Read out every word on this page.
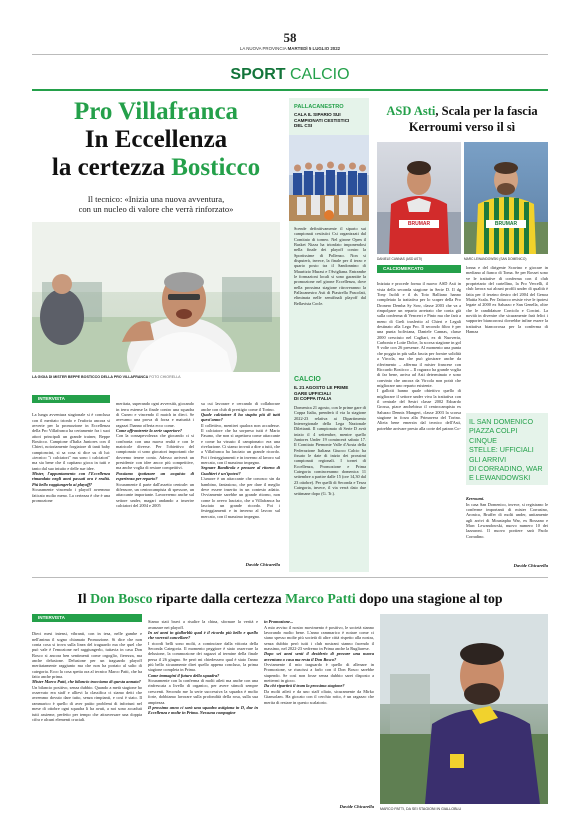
58
LA NUOVA PROVINCIA MARTEDÌ 5 LUGLIO 2022
SPORT CALCIO
Pro Villafranca
In Eccellenza
la certezza Bosticco
Il tecnico: «Inizia una nuova avventura,
con un nucleo di valore che verrà rinforzato»
LA GIOIA DI MISTER BEPPE BOSTICCO DELLA PRO VILLAFRANCA FOTO CHIORELLA
INTERVISTA

La lunga avventura stagionale si è conclusa con il meritato trionfo e l'euforia ancora si avverte per la promozione in Eccellenza della Pro Villafranca ha certamente fra i suoi attori principali un grande trainer, Beppe Bosticco. Campione d'Italia Juniores con il Chieri, notoriamente forgiatore di tanti baby campioncini, si sa cosa si dice su di lui: «tecnico "i calciatori" ma sono i calciatori" ma sia bene che il capitano gioca in tutti e tanto dal suo intuito e delle sue idee.
Mister, l'appuntamento con l'Eccellenza rimandato negli anni passati ora è realtà. Più bello raggiungerlo ai playoff?
Sicuramente vincendo i playoff avremmo faticato molto meno. La certezza è che è una promozione

meritata, superando ogni avversità, giocando in terra estense la finale contro una squadra di Cuneo e vincendo il match in dieci. Se avevamo una prova di forza e maturità i ragazzi l'hanno offerta ecco come.
Come affronterete la serie superiore?
Con la consapevolezza che giocando ci si confronta con una nuova realtà e con le matricole diverse. Per l'obiettivo del campionato ci sono giocatori importanti che dovremo tenere conto. Adesso arriverà un presidente con idee ancor più competitive, ma anche voglia di restare competitivi.
Possiamo ipotizzare un acquisto di esperienza per reparto?
Sicuramente il parte dall'assetto centrale: un difensore, un centrocampista di spessore, un attaccante importante. Lavoreremo anche sul settore under, magari andando a inserire calciatori del 2004 e 2005

su cui lavorare e cercando di collaborare anche con club di prestigio come il Torino.
Quale calciatore il ha stupito più di tutti quest'anno?
Il collettivo, mentirei qualora non accadesse. Il calciatore che ha sorpreso tutti è Mario Fasano, che non si aspettava come attaccante e come ha vissuto il campionato: era una rivelazione. Ci siamo trovati a dire a tutti, che a Villafranca ha lasciato un grande ricordo. Poi i festeggiamenti e in inverno al lavoro sul mercato, con il massimo impegno.
Segnare Bandirola e pensare al ritorno di Gualtieri è un'ipotesi?
L'umore è un attaccante che conosco sin da bambino, fantasioso, che per dare il meglio deve essere inserito in un contesto adatto. Ovviamente sarebbe un grande ritorno, non come lo avevo lasciato, che a Villafranca ha lasciato un grande ricordo. Poi i festeggiamenti e in inverno al lavoro sul mercato, con il massimo impegno.

Davide Chicarella
PALLACANESTRO
CALA IL SIPARIO SUI
CAMPIONATI CESTISTICI
DEL CSI
Scende definitivamente il sipario sui campionati cestistici Csi organizzati dal Comitato di torneo. Nel girone Open il Basket Nizza ha trionfato imponendosi nella finale dei playoff contro la Sportissime di Pollenzo. Non si disputerà, invece, la finale per il terzo e quarto posto tra il Sandonnino di Mauritzio Murasi e l'Avigliana. Entrambe le formazioni locali si sono garantite la promozione nel girone Eccellenza, dove nella prossima stagione ritroveranno la Pallacanestro Asti di Piastrella Pascolati, eliminata nelle semifinali playoff dal Bellavista Cocle.
CALCIO
IL 21 AGOSTO LE PRIME
GARE UFFICIALI
DI COPPA ITALIA
Domenica 21 agosto, con le prime gare di Coppa Italia, prenderà il via la stagione 2022-23 relativa ai Dipartimento Interregionale della Lega Nazionale Dilettanti. Il campionato di Serie D avrà inizio il 4 settembre, mentre quello Juniores Under 19 comincerà sabato 17. Il Comitato Piemonte Valle d'Aosta della Federazione Italiana Giuoco Calcio ha fissato le date di inizio dei prossimi campionati regionali. I tornei di Eccellenza, Promozione e Prima Categoria cominceranno domenica 11 settembre a partire dalle 15 (ore 14,30 dal 23 ottobre). Per quelli di Seconda e Terza Categoria, invece, il via verrà dato due settimane dopo (G. Tr.).
ASD Asti, Scala per la fascia
Kerroumi verso il sì
BRUMAR	BRUMAR
DANIELE CANNAS (ASD ASTI)	MARC LEWANDOWSKI (SAN DOMENICO)
CALCIOMERCATO

Iniziata e procede forma il nuovo ASD Asti in vista della seconda stagione in Serie D. Il dg Tony Isoldi e il ds Toto Balliano hanno completato la trattativa per lo scaper della Pro Dronero Demba Sy Sow, classe 2003 che va a rimpolpare un reparto arretrato che conta già sulla conferma di Vencerri e Pinto ma che farà a meno di Greli trasferito al Chieri e Legali destinato alla Lega Pro. Il secondo filtro è per una punta boliviana, Daniele Cannas, classe 2000 cresciuto nel Cagliari, ex di Nuoveria, Carbonia e Lotte Dolce, la scorsa stagione in gol 9 volte con 26 presenze. Al momento una punta che poggia in più sulla fascia per fornire solidità a Vircola, ma che può giostrare anche da riferimento – afferma il mister francese con Riccardo Bosticco – Il ragazzo ha grande voglia di far bene, arriva ad Asti determinato e sono convinto che ancora da Vircola non potrà che migliorare uno reparto esistente.
I gallotti hanno quale obiettivo quello di migliorare il settore under viva la trattativa con il centrale del Sestri classe 2002 Edoardo Grossa, piace anchebisso il centrocampista ex Saluzzo Dennis Mangeri, classe 2003 la scorsa stagione in forza alla Primavera del Torino. Alieia bene emersin dal tecnico dell'Asti, potrebbe arrivare presto alla corte del patron Co-

lonna e del dirigente Scavino e giocare in mediano al fianco di Toma. Se per Rosset sono ve le trattative di conferma con il club proprietario del cartellino, la Pro Vercelli, il club lavora sui alcuni profili under di qualità è fatta per il terzino destro del 2004 del Genoa Mattia Scala. Per l'attacco resiste vive le ipotesi legate al 2000 ex Saluzzo e San Genella, oltre che le candidature Corciolo e Corcini. La novità in divenire che sicuramente farà felici i supporter biancorossi dovrebbe infine essere la trattativa biancorossa per la conferma di Hamza
IL SAN DOMENICO
PIAZZA COLPI CINQUE
STELLE: UFFICIALI
GLI ARRIVI
DI CORRADINO, WAR
E LEWANDOWSKI

Kerroumi.
In casa San Domenico, invece, si registrano le conferme importanti di mister Corrasino, Aronica, Bruffer di molti under, unitamente agli arrivi di Moustapha War, ex Bossano e Marc Lewandowski, nuovo numero 10 dei lazzaroni. Il nuovo portiere sarà Paolo Corradino.

Davide Chicarella
Il Don Bosco riparte dalla certezza Marco Patti dopo una stagione al top
INTERVISTA

Dieci mesi intensi, vibranti, con in tesa, nelle gambe e nell'anima il sogno chiamato Promozione. Si dice che non conta cosa si trova sulla linea del traguardo ma che quel che può vale è l'emozione nel raggiungerlo, tuttavia in casa Don Bosco si ancora ben sentimenti come orgoglio, fierezza, ma anche delusione. Delusione per un traguardo playoff meritatamente raggiunto ma che non ha portato al salto di categoria. Ecco la cosa spetta ora al tecnico Marco Patti, che ha fatto anche prima.
Mister Marco Patti, che bilancio tracciamo di questa annata?
Un bilancio positivo, senza dubbio. Quando a metà stagione ho osservato era staff e allievi la classifica ci siamo detti che avremmo dovuto dare tutto, senza rimpianti, e così è stato. Il rammarico è quello di aver patito problemi di infortuni nel mese di ottobre ogni squadra li ha avuti, a noi sono accaduti tutti assieme, perfetto per tempo che attraversare una doppia cifra e alcuni elementi cruciali.

Siamo stati bravi a risalire la china, sfornare la verità e avanzare nei playoff.
In sei anni in giallorblù qual è il ricordo più bello e quello che vorresti cancellare?
I ricordi belli sono molti, a cominciare dalla vittoria della Seconda Categoria. Il momento peggiore è stato osservare la delusione, la commozione dei ragazzi al termine della finale persa il 26 giugno. Se però mi chiedessero qual è stato l'anno più bello sicuramente direi quello appena concluso, la prima stagione completa in Prima.
Come immagini il futuro della squadra?
Sicuramente con la conferma di molti atleti ma anche con una rinfrescata a livello di organico, per avere stimoli sempre crescenti. Secondo me la serie successiva la squadra è molto forte, dobbiamo lavorare sulla profondità della rosa, sulla sua ampiezza.
Il prossimo anno ci sarà una squadra astigiana in D, due in Eccellenza e molte in Prima. Nessuna compagine

in Promozione...
A mio avviso il nostro movimento è positivo, le società stanno lavorando molto bene. L'anno rammarico è notare come ci siano spesso molte più società di altre città rispetto alla nostra, senza dubbio però tutti i club nostrani stanno facendo il massimo, nel 2022-23 vedremo in Prima anche la Rugliarese.
Dopo sei anni senti il desiderio di provare una nuova avventura o casa ma resta il Don Bosco?
Ovviamente il mio traguardo è quello di allenare in Promozione, se riuscissi a farlo con il Don Bosco sarebbe stupendo. Se così non fosse senza dubbio sarei disposto a mettermi in gioco.
Da chi ripartirà il team la prossima stagione?
Da molti atleti e da uno staff oliato, sicuramente da Mirko Giansolam. Ha giocato con il cerchio rotto, è un ragazzo che merita di restare in questo scalatorio.

Davide Chicarella MARCO PATTI, DA SEI STAGIONI IN GIALLOBLU
